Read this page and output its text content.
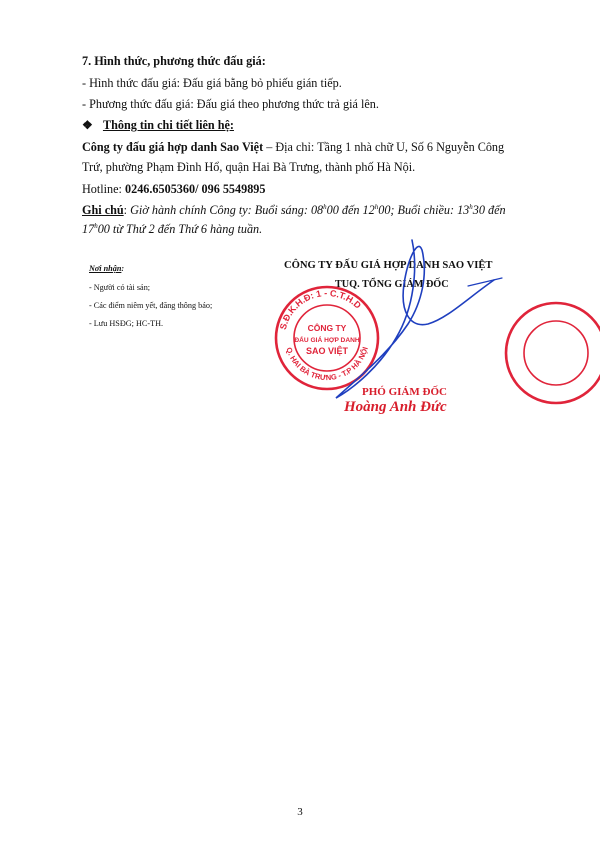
7. Hình thức, phương thức đấu giá:
- Hình thức đấu giá: Đấu giá bằng bỏ phiếu gián tiếp.
- Phương thức đấu giá: Đấu giá theo phương thức trả giá lên.
❖ Thông tin chi tiết liên hệ:
Công ty đấu giá hợp danh Sao Việt – Địa chỉ: Tầng 1 nhà chữ U, Số 6 Nguyễn Công
Trứ, phường Phạm Đình Hổ, quận Hai Bà Trưng, thành phố Hà Nội.
Hotline: 0246.6505360/ 096 5549895
Ghi chú: Giờ hành chính Công ty: Buổi sáng: 08$^h$00 đến 12$^h$00; Buổi chiều: 13$^h$30 đến
17$^h$00 từ Thứ 2 đến Thứ 6 hàng tuần.
Nơi nhận:
- Người có tài sản;
- Các điểm niêm yết, đăng thông báo;
- Lưu HSĐG; HC-TH.
CÔNG TY ĐẤU GIÁ HỢP DANH SAO VIỆT
TUQ. TỔNG GIÁM ĐỐC
S.Đ.K.H.Đ: 1 - C.T.H.D
Q. HAI BÀ TRƯNG - T.P HÀ NỘI
CÔNG TY
ĐẤU GIÁ HỢP DANH
SAO VIỆT
PHÓ GIÁM ĐỐC
Hoàng Anh Đức
3
